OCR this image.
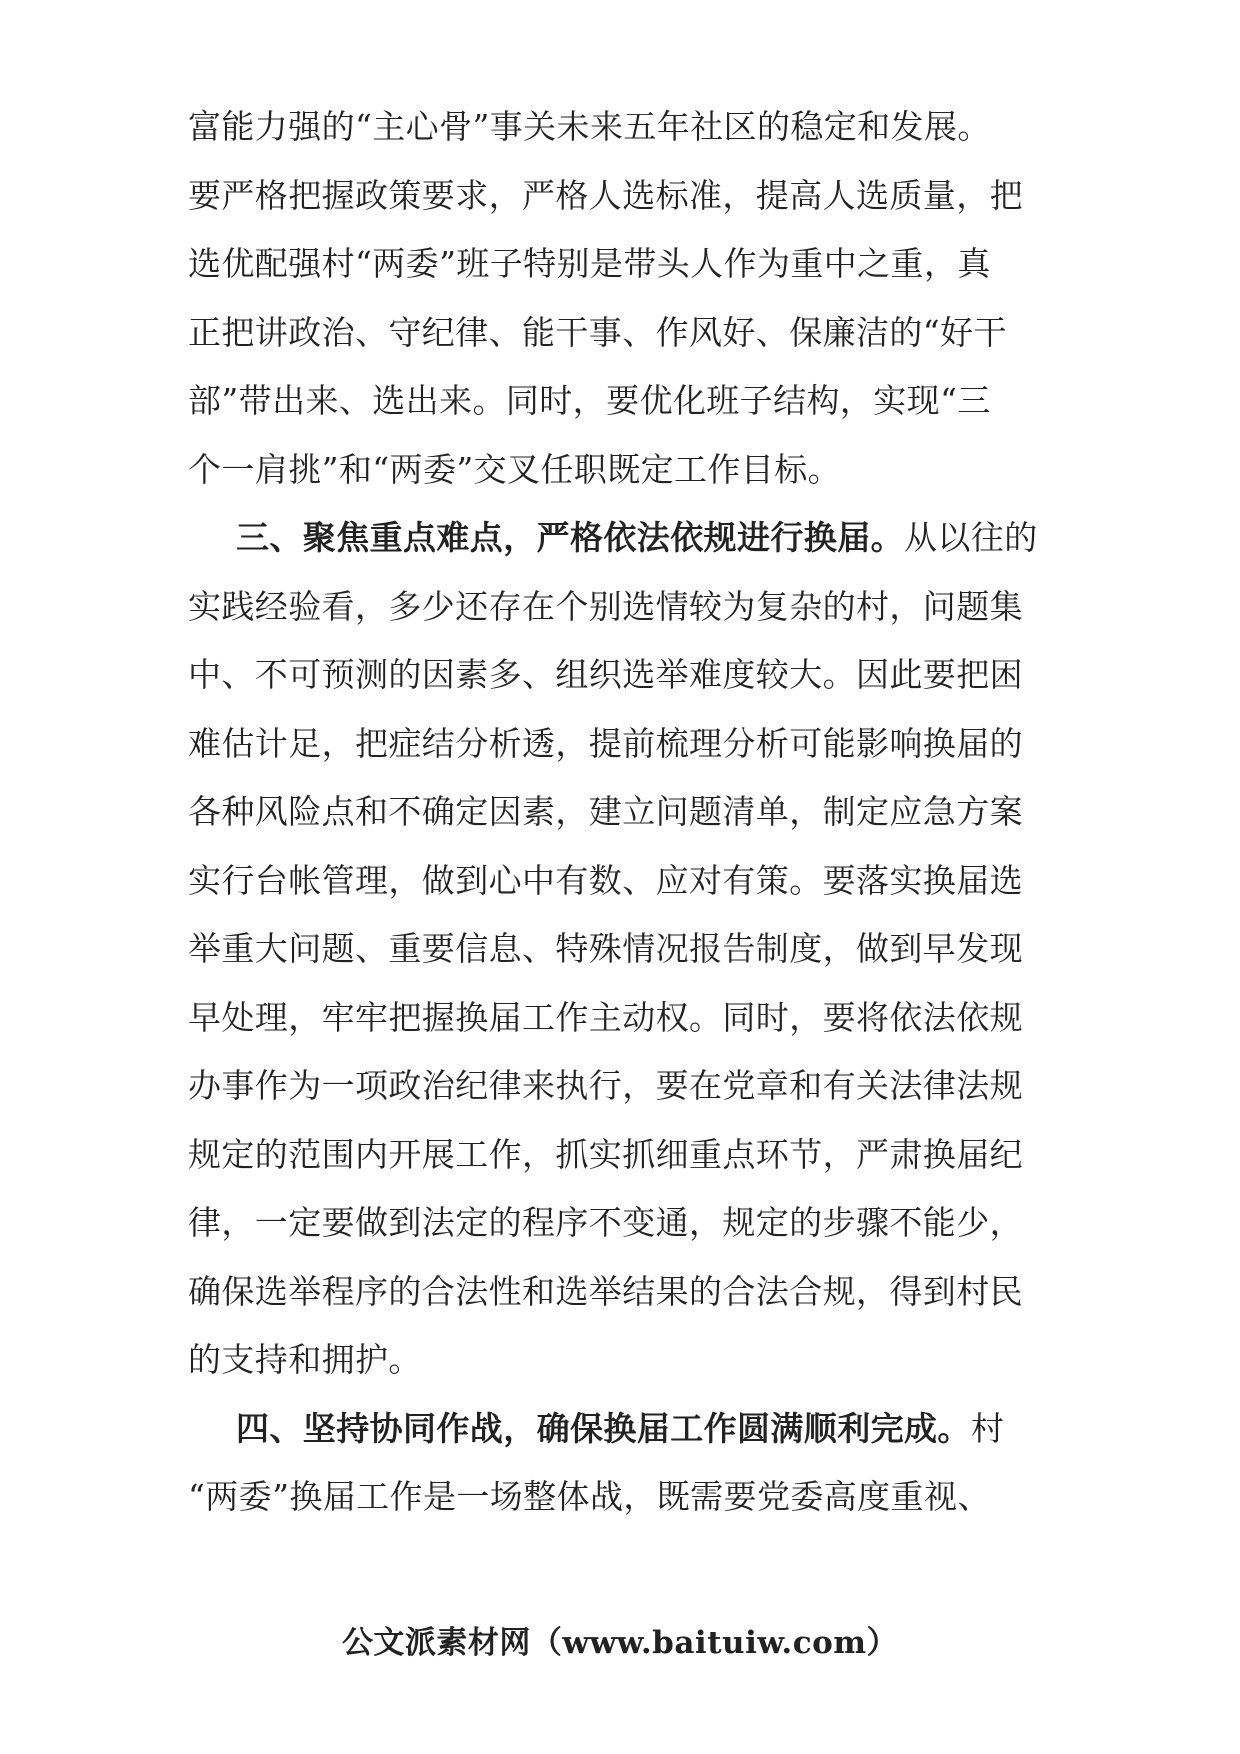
富能力强的“主心骨”事关未来五年社区的稳定和发展。
要严格把握政策要求，严格人选标准，提高人选质量，把
选优配强村“两委”班子特别是带头人作为重中之重，真
正把讲政治、守纪律、能干事、作风好、保廉洁的“好干
部”带出来、选出来。同时，要优化班子结构，实现“三
个一肩挑”和“两委”交叉任职既定工作目标。
三、聚焦重点难点，严格依法依规进行换届。从以往的
实践经验看，多少还存在个别选情较为复杂的村，问题集
中、不可预测的因素多、组织选举难度较大。因此要把困
难估计足，把症结分析透，提前梳理分析可能影响换届的
各种风险点和不确定因素，建立问题清单，制定应急方案
实行台帐管理，做到心中有数、应对有策。要落实换届选
举重大问题、重要信息、特殊情况报告制度，做到早发现
早处理，牢牢把握换届工作主动权。同时，要将依法依规
办事作为一项政治纪律来执行，要在党章和有关法律法规
规定的范围内开展工作，抓实抓细重点环节，严肃换届纪
律，一定要做到法定的程序不变通，规定的步骤不能少，
确保选举程序的合法性和选举结果的合法合规，得到村民
的支持和拥护。
四、坚持协同作战，确保换届工作圆满顺利完成。村
“两委”换届工作是一场整体战，既需要党委高度重视、
公文派素材网（www.baituiw.com）
